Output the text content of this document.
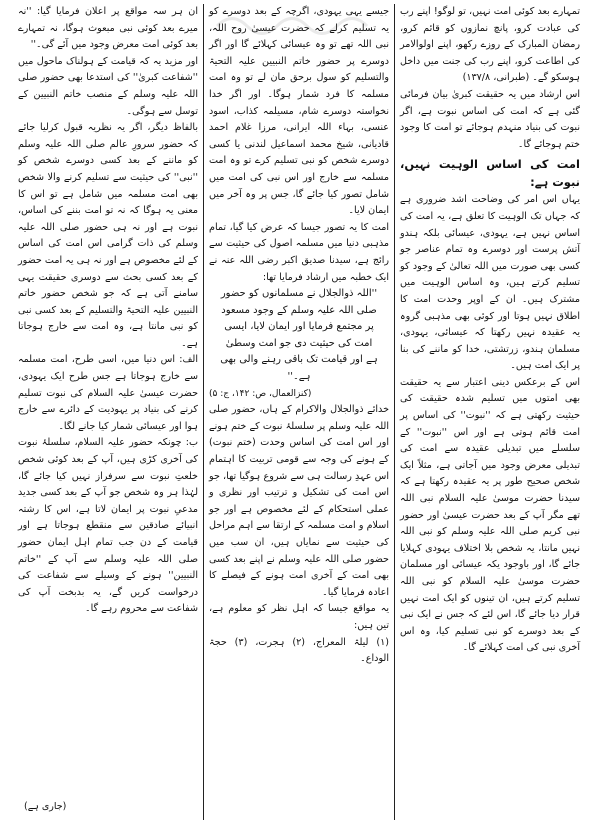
تمہارے بعد کوئی امت نہیں، تو لوگو! اپنے رب کی عبادت کرو، پانچ نمازوں کو قائم کرو، رمضان المبارک کے روزے رکھو، اپنے اولوالامر کی اطاعت کرو، اپنے رب کی جنت میں داخل ہوسکو گے۔ (طبرانی، ۱۳۷/۸)

اس ارشاد میں یہ حقیقت کبریٰ بیان فرمائی گئی ہے کہ امت کی اساس نبوت ہے، اگر نبوت کی بنیاد منہدم ہوجائے تو امت کا وجود ختم ہوجائے گا۔

امت کی اساس الوہیت نہیں، نبوت ہے:

یہاں اس امر کی وضاحت اشد ضروری ہے کہ جہاں تک الوہیت کا تعلق ہے، یہ امت کی اساس نہیں ہے، یہودی، عیسائی بلکہ ہندو آتش پرست اور دوسرے وہ تمام عناصر جو کسی بھی صورت میں اللہ تعالیٰ کے وجود کو تسلیم کرتے ہیں، وہ اساس الوہیت میں مشترک ہیں۔ ان کے اوپر وحدت امت کا اطلاق نہیں ہوتا اور کوئی بھی مذہبی گروہ یہ عقیدہ نہیں رکھتا کہ عیسائی، یہودی، مسلمان ہندو، زرتشتی، خدا کو ماننے کی بنا پر ایک امت ہیں۔

اس کے برعکس دینی اعتبار سے یہ حقیقت بھی امتوں میں تسلیم شدہ حقیقت کی حیثیت رکھتی ہے کہ ''نبوت'' کی اساس پر امت قائم ہوتی ہے اور اس ''نبوت'' کے سلسلے میں تبدیلی عقیدہ سے امت کی تبدیلی معرض وجود میں آجاتی ہے، مثلاً ایک شخص صحیح طور پر یہ عقیدہ رکھتا ہے کہ سیدنا حضرت موسیٰ علیہ السلام نبی اللہ تھے مگر آپ کے بعد حضرت عیسیٰ اور حضور نبی کریم صلی اللہ علیہ وسلم کو نبی اللہ نہیں مانتا، یہ شخص بلا اختلاف یہودی کہلایا جائے گا، اور باوجود یکہ عیسائی اور مسلمان حضرت موسیٰ علیہ السلام کو نبی اللہ تسلیم کرتے ہیں، ان تینوں کو ایک امت نہیں قرار دیا جائے گا، اس لئے کہ جس نے ایک نبی کے بعد دوسرے کو نبی تسلیم کیا، وہ اس آخری نبی کی امت کہلائے گا۔

جیسے یہی یہودی، اگرچہ کے بعد دوسرے کو یہ تسلیم کرلے کہ حضرت عیسیٰ روح اللہ، نبی اللہ تھے تو وہ عیسائی کہلائے گا اور اگر دوسرے پر حضور خاتم النبیین علیہ التحیۃ والتسلیم کو سول برحق مان لے تو وہ امت مسلمہ کا فرد شمار ہوگا۔ اور اگر خدا نخواستہ دوسرے شام، مسیلمہ کذاب، اسود عنسی، بہاء اللہ ایرانی، مرزا غلام احمد قادیانی، شیخ محمد اسماعیل لندنی یا کسی دوسرے شخص کو نبی تسلیم کرے تو وہ امت مسلمہ سے خارج اور اس نبی کی امت میں شامل تصور کیا جائے گا، جس پر وہ آخر میں ایمان لایا۔

امت کا یہ تصور جیسا کہ عرض کیا گیا، تمام مذہبی دنیا میں مسلمہ اصول کی حیثیت سے رائج ہے، سیدنا صدیق اکبر رضی اللہ عنہ نے ایک خطبہ میں ارشاد فرمایا تھا:

''اللہ ذوالجلال نے مسلمانوں کو حضور صلی اللہ علیہ وسلم کے وجود مسعود پر مجتمع فرمایا اور ایمان لایا، ایسی امت کی حیثیت دی جو امت وسطیٰ ہے اور قیامت تک باقی رہنے والی بھی ہے۔''

(کنزالعمال، ص: ۱۴۲، ج: ۵)

خدائے ذوالجلال والاکرام کے ہاں، حضور صلی اللہ علیہ وسلم پر سلسلۂ نبوت کے ختم ہونے اور اس امت کی اساس وحدت (ختم نبوت) کے ہونے کی وجہ سے قومی تربیت کا اہتمام اس عہدِ رسالت ہی سے شروع ہوگیا تھا، جو اس امت کی تشکیل و ترتیب اور نظری و عملی استحکام کے لئے مخصوص ہے اور جو اسلام و امت مسلمہ کے ارتقا سے اہم مراحل کی حیثیت سے نمایاں ہیں، ان سب میں حضور صلی اللہ علیہ وسلم نے اپنے بعد کسی بھی امت کے آخری امت ہونے کے فیصلے کا اعادہ فرمایا گیا۔

یہ مواقع جیسا کہ اہل نظر کو معلوم ہے، تین ہیں:

(۱) لیلۃ المعراج، (۲) ہجرت، (۳) حجۃ الوداع۔

ان ہر سہ مواقع پر اعلان فرمایا گیا: ''نہ میرے بعد کوئی نبی مبعوث ہوگا، نہ تمہارے بعد کوئی امت معرض وجود میں آئے گی۔''

اور مزید یہ کہ قیامت کے ہولناک ماحول میں ''شفاعت کبریٰ'' کی استدعا بھی حضور صلی اللہ علیہ وسلم کے منصب خاتم النبیین کے توسل سے ہوگی۔

بالفاظ دیگر، اگر یہ نظریہ قبول کرلیا جائے کہ حضور سرورِ عالم صلی اللہ علیہ وسلم کو ماننے کے بعد کسی دوسرے شخص کو ''نبی'' کی حیثیت سے تسلیم کرنے والا شخص بھی امت مسلمہ میں شامل ہے تو اس کا معنی یہ ہوگا کہ نہ تو امت بننے کی اساس، نبوت ہے اور نہ ہی حضور صلی اللہ علیہ وسلم کی ذات گرامی اس امت کی اساس کے لئے مخصوص ہے اور نہ ہی یہ امت حضور کے بعد کسی بحث سے دوسری حقیقت یہی سامنے آتی ہے کہ جو شخص حضور خاتم النبیین علیہ التحیۃ والتسلیم کے بعد کسی نبی کو نبی مانتا ہے، وہ امت سے خارج ہوجاتا ہے۔

الف: اس دنیا میں، اسی طرح، امت مسلمہ سے خارج ہوجاتا ہے جس طرح ایک یہودی، حضرت عیسیٰ علیہ السلام کی نبوت تسلیم کرنے کی بنیاد پر یہودیت کے دائرے سے خارج ہوا اور عیسائی شمار کیا جانے لگا۔

ب: چونکہ حضور علیہ السلام، سلسلۂ نبوت کی آخری کڑی ہیں، آپ کے بعد کوئی شخص خلعتِ نبوت سے سرفراز نہیں کیا جائے گا، لہٰذا ہر وہ شخص جو آپ کے بعد کسی جدید مدعیِ نبوت پر ایمان لاتا ہے، اس کا رشتہ انبیائے صادقین سے منقطع ہوجاتا ہے اور قیامت کے دن جب تمام اہل ایمان حضور صلی اللہ علیہ وسلم سے آپ کے ''خاتم النبیین'' ہونے کے وسیلے سے شفاعت کی درخواست کریں گے، یہ بدبخت آپ کی شفاعت سے محروم رہے گا۔

(جاری ہے)
